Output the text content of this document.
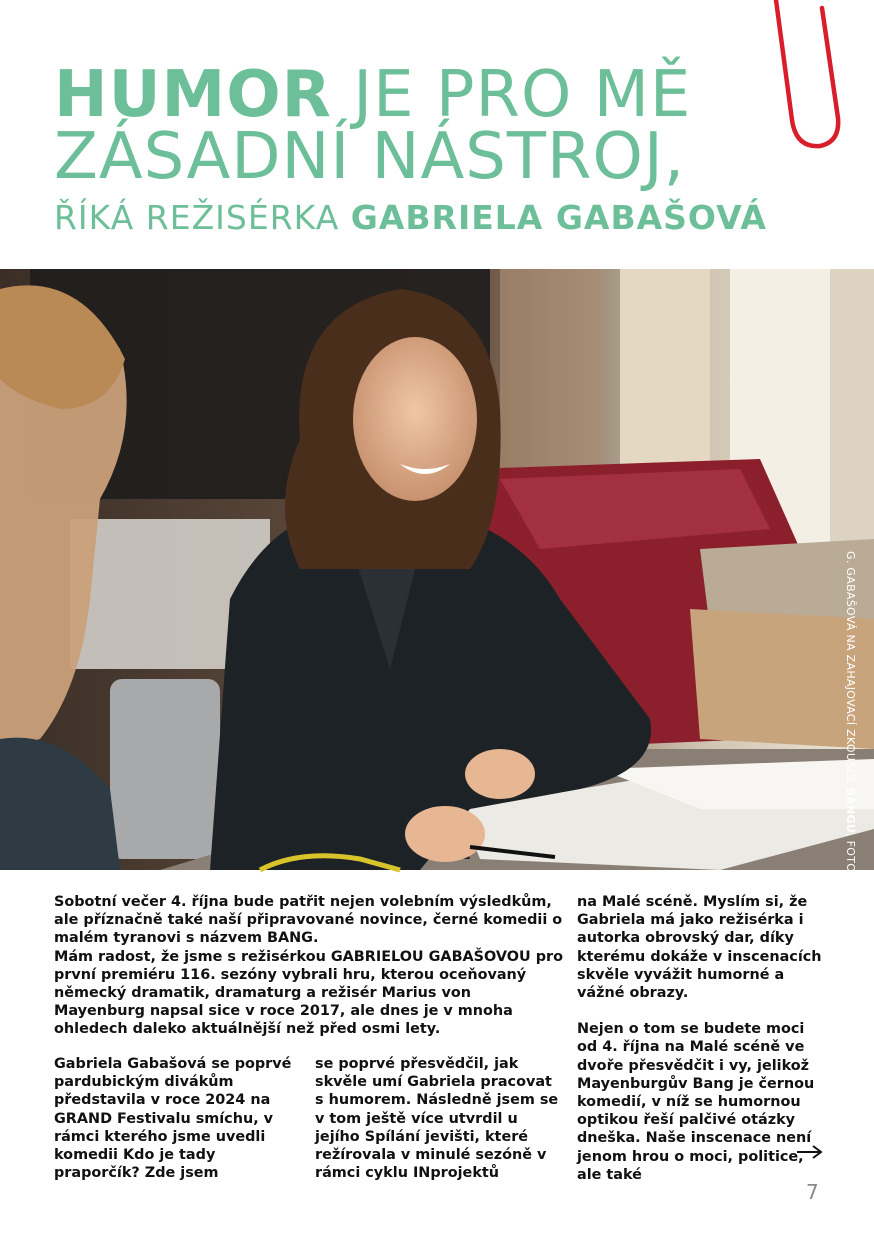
HUMOR JE PRO MĚ
ZÁSADNÍ NÁSTROJ,
ŘÍKÁ REŽISÉRKA GABRIELA GABAŠOVÁ
G. GABAŠOVÁ NA ZAHAJOVACÍ ZKOUŠCE BANGU, FOTO P. ŠEDIVÝ

Sobotní večer 4. října bude patřit nejen volebním výsledkům, ale příznačně také naší připravované novince, černé komedii o malém tyranovi s názvem BANG.

Mám radost, že jsme s režisérkou GABRIELOU GABAŠOVOU pro první premiéru 116. sezóny vybrali hru, kterou oceňovaný německý dramatik, dramaturg a režisér Marius von Mayenburg napsal sice v roce 2017, ale dnes je v mnoha ohledech daleko aktuálnější než před osmi lety.

Gabriela Gabašová se poprvé pardubickým divákům představila v roce 2024 na GRAND Festivalu smíchu, v rámci kterého jsme uvedli komedii Kdo je tady praporčík? Zde jsem

se poprvé přesvědčil, jak skvěle umí Gabriela pracovat s humorem. Následně jsem se v tom ještě více utvrdil u jejího Spílání jevišti, které režírovala v minulé sezóně v rámci cyklu INprojektů

na Malé scéně. Myslím si, že Gabriela má jako režisérka i autorka obrovský dar, díky kterému dokáže v inscenacích skvěle vyvážit humorné a vážné obrazy.

Nejen o tom se budete moci od 4. října na Malé scéně ve dvoře přesvědčit i vy, jelikož Mayenburgův Bang je černou komedií, v níž se humornou optikou řeší palčivé otázky dneška. Naše inscenace není jenom hrou o moci, politice, ale také

7
